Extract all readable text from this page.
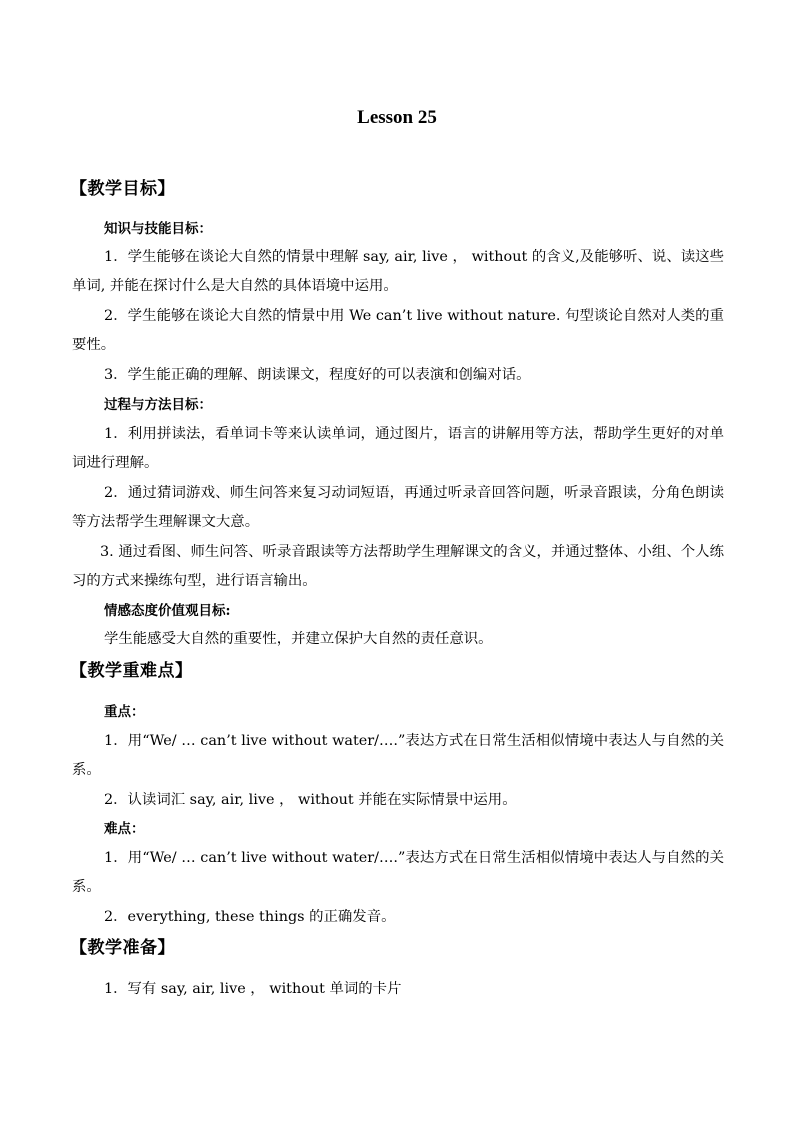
Lesson 25
【教学目标】
知识与技能目标：
1．学生能够在谈论大自然的情景中理解 say, air, live ， without 的含义,及能够听、说、读这些单词, 并能在探讨什么是大自然的具体语境中运用。
2．学生能够在谈论大自然的情景中用 We can’t live without nature. 句型谈论自然对人类的重要性。
3．学生能正确的理解、朗读课文，程度好的可以表演和创编对话。
过程与方法目标：
1．利用拼读法，看单词卡等来认读单词，通过图片，语言的讲解用等方法，帮助学生更好的对单词进行理解。
2．通过猜词游戏、师生问答来复习动词短语，再通过听录音回答问题，听录音跟读，分角色朗读等方法帮学生理解课文大意。
3. 通过看图、师生问答、听录音跟读等方法帮助学生理解课文的含义，并通过整体、小组、个人练习的方式来操练句型，进行语言输出。
情感态度价值观目标:
学生能感受大自然的重要性，并建立保护大自然的责任意识。
【教学重难点】
重点：
1．用“We/ … can’t live without water/….”表达方式在日常生活相似情境中表达人与自然的关系。
2．认读词汇 say, air, live ， without 并能在实际情景中运用。
难点：
1．用“We/ … can’t live without water/….”表达方式在日常生活相似情境中表达人与自然的关系。
2．everything, these things 的正确发音。
【教学准备】
1．写有 say, air, live ， without 单词的卡片
